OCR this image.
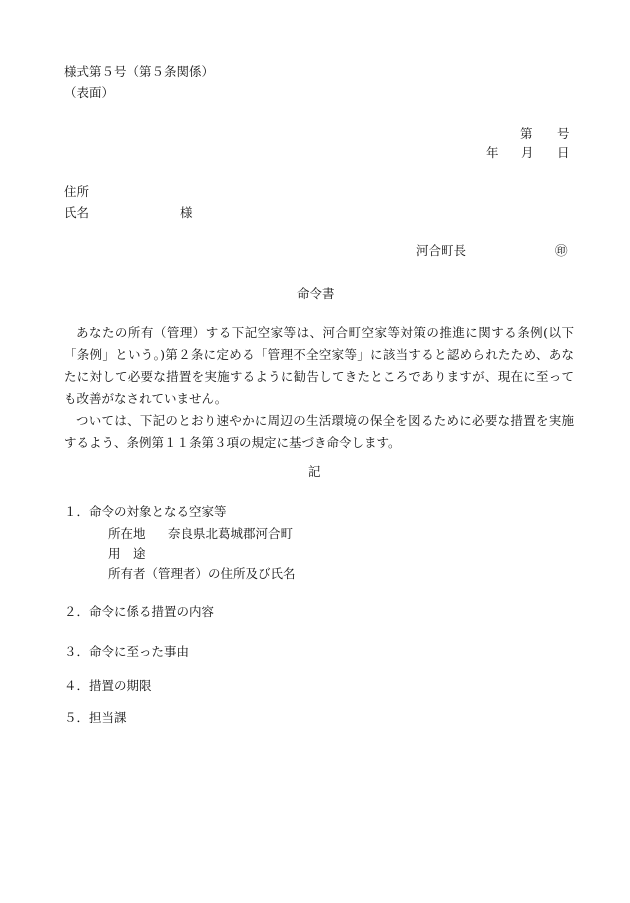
様式第５号（第５条関係）
（表面）
第 号
年 月 日
住所
氏名	様
河合町長	㊞
命令書

あなたの所有（管理）する下記空家等は、河合町空家等対策の推進に関する条例(以下「条例」という。)第２条に定める「管理不全空家等」に該当すると認められたため、あなたに対して必要な措置を実施するように勧告してきたところでありますが、現在に至っても改善がなされていません。

ついては、下記のとおり速やかに周辺の生活環境の保全を図るために必要な措置を実施するよう、条例第１１条第３項の規定に基づき命令します。

記
１．命令の対象となる空家等
所在地 奈良県北葛城郡河合町
用　途
所有者（管理者）の住所及び氏名
２．命令に係る措置の内容
３．命令に至った事由
４．措置の期限
５．担当課
